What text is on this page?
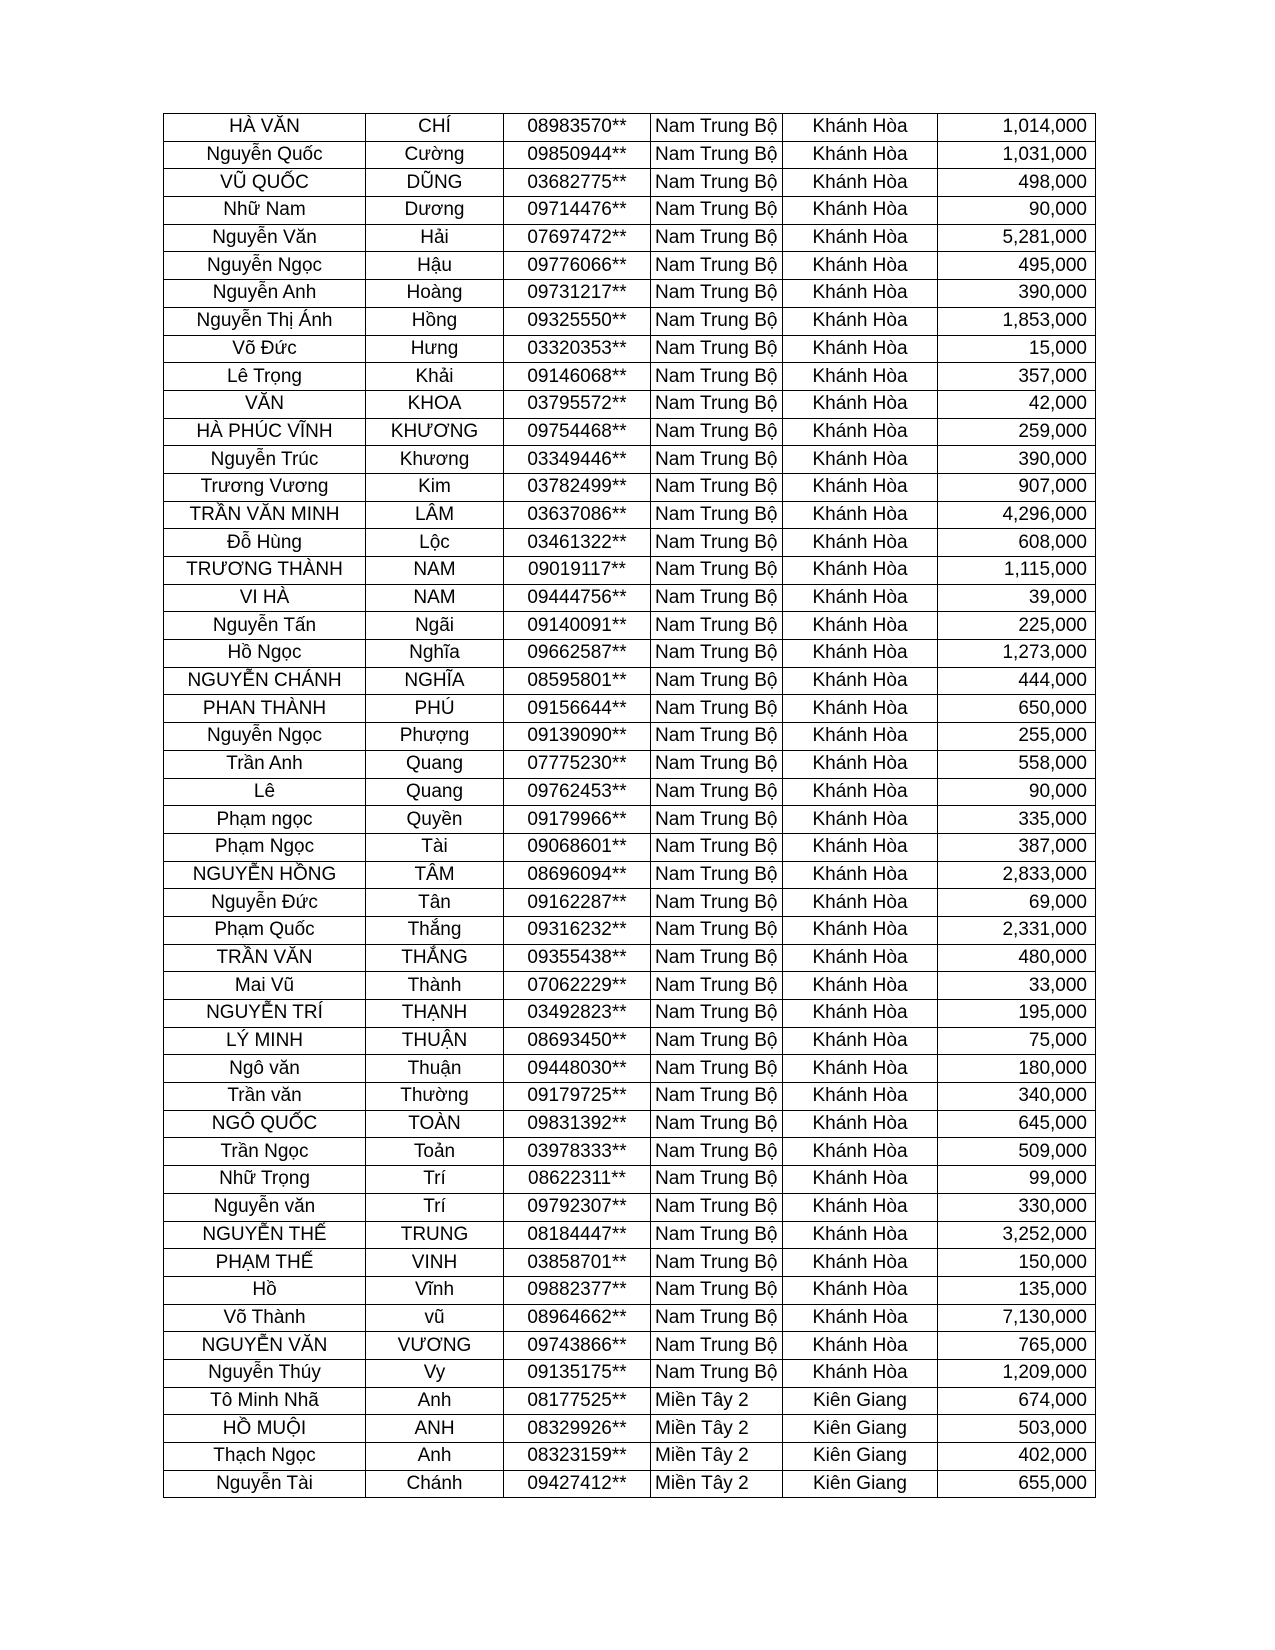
HÀ VĂN	CHÍ	08983570**	Nam Trung Bộ	Khánh Hòa	1,014,000
Nguyễn Quốc	Cường	09850944**	Nam Trung Bộ	Khánh Hòa	1,031,000
VŨ QUỐC	DŨNG	03682775**	Nam Trung Bộ	Khánh Hòa	498,000
Nhữ Nam	Dương	09714476**	Nam Trung Bộ	Khánh Hòa	90,000
Nguyễn Văn	Hải	07697472**	Nam Trung Bộ	Khánh Hòa	5,281,000
Nguyễn Ngọc	Hậu	09776066**	Nam Trung Bộ	Khánh Hòa	495,000
Nguyễn Anh	Hoàng	09731217**	Nam Trung Bộ	Khánh Hòa	390,000
Nguyễn Thị Ánh	Hồng	09325550**	Nam Trung Bộ	Khánh Hòa	1,853,000
Võ Đức	Hưng	03320353**	Nam Trung Bộ	Khánh Hòa	15,000
Lê Trọng	Khải	09146068**	Nam Trung Bộ	Khánh Hòa	357,000
VĂN	KHOA	03795572**	Nam Trung Bộ	Khánh Hòa	42,000
HÀ PHÚC VĨNH	KHƯƠNG	09754468**	Nam Trung Bộ	Khánh Hòa	259,000
Nguyễn Trúc	Khương	03349446**	Nam Trung Bộ	Khánh Hòa	390,000
Trương Vương	Kim	03782499**	Nam Trung Bộ	Khánh Hòa	907,000
TRẦN VĂN MINH	LÂM	03637086**	Nam Trung Bộ	Khánh Hòa	4,296,000
Đỗ Hùng	Lộc	03461322**	Nam Trung Bộ	Khánh Hòa	608,000
TRƯƠNG THÀNH	NAM	09019117**	Nam Trung Bộ	Khánh Hòa	1,115,000
VI HÀ	NAM	09444756**	Nam Trung Bộ	Khánh Hòa	39,000
Nguyễn Tấn	Ngãi	09140091**	Nam Trung Bộ	Khánh Hòa	225,000
Hồ Ngọc	Nghĩa	09662587**	Nam Trung Bộ	Khánh Hòa	1,273,000
NGUYỄN CHÁNH	NGHĨA	08595801**	Nam Trung Bộ	Khánh Hòa	444,000
PHAN THÀNH	PHÚ	09156644**	Nam Trung Bộ	Khánh Hòa	650,000
Nguyễn Ngọc	Phượng	09139090**	Nam Trung Bộ	Khánh Hòa	255,000
Trần Anh	Quang	07775230**	Nam Trung Bộ	Khánh Hòa	558,000
Lê	Quang	09762453**	Nam Trung Bộ	Khánh Hòa	90,000
Phạm ngọc	Quyền	09179966**	Nam Trung Bộ	Khánh Hòa	335,000
Phạm Ngọc	Tài	09068601**	Nam Trung Bộ	Khánh Hòa	387,000
NGUYỄN HỒNG	TÂM	08696094**	Nam Trung Bộ	Khánh Hòa	2,833,000
Nguyễn Đức	Tân	09162287**	Nam Trung Bộ	Khánh Hòa	69,000
Phạm Quốc	Thắng	09316232**	Nam Trung Bộ	Khánh Hòa	2,331,000
TRẦN VĂN	THẮNG	09355438**	Nam Trung Bộ	Khánh Hòa	480,000
Mai Vũ	Thành	07062229**	Nam Trung Bộ	Khánh Hòa	33,000
NGUYỄN TRÍ	THẠNH	03492823**	Nam Trung Bộ	Khánh Hòa	195,000
LÝ MINH	THUẬN	08693450**	Nam Trung Bộ	Khánh Hòa	75,000
Ngô văn	Thuận	09448030**	Nam Trung Bộ	Khánh Hòa	180,000
Trần văn	Thường	09179725**	Nam Trung Bộ	Khánh Hòa	340,000
NGÔ QUỐC	TOÀN	09831392**	Nam Trung Bộ	Khánh Hòa	645,000
Trần Ngọc	Toản	03978333**	Nam Trung Bộ	Khánh Hòa	509,000
Nhữ Trọng	Trí	08622311**	Nam Trung Bộ	Khánh Hòa	99,000
Nguyễn văn	Trí	09792307**	Nam Trung Bộ	Khánh Hòa	330,000
NGUYỄN THẾ	TRUNG	08184447**	Nam Trung Bộ	Khánh Hòa	3,252,000
PHẠM THẾ	VINH	03858701**	Nam Trung Bộ	Khánh Hòa	150,000
Hồ	Vĩnh	09882377**	Nam Trung Bộ	Khánh Hòa	135,000
Võ Thành	vũ	08964662**	Nam Trung Bộ	Khánh Hòa	7,130,000
NGUYỄN VĂN	VƯƠNG	09743866**	Nam Trung Bộ	Khánh Hòa	765,000
Nguyễn Thúy	Vy	09135175**	Nam Trung Bộ	Khánh Hòa	1,209,000
Tô Minh Nhã	Anh	08177525**	Miền Tây 2	Kiên Giang	674,000
HỒ MUỘI	ANH	08329926**	Miền Tây 2	Kiên Giang	503,000
Thạch Ngọc	Anh	08323159**	Miền Tây 2	Kiên Giang	402,000
Nguyễn Tài	Chánh	09427412**	Miền Tây 2	Kiên Giang	655,000
